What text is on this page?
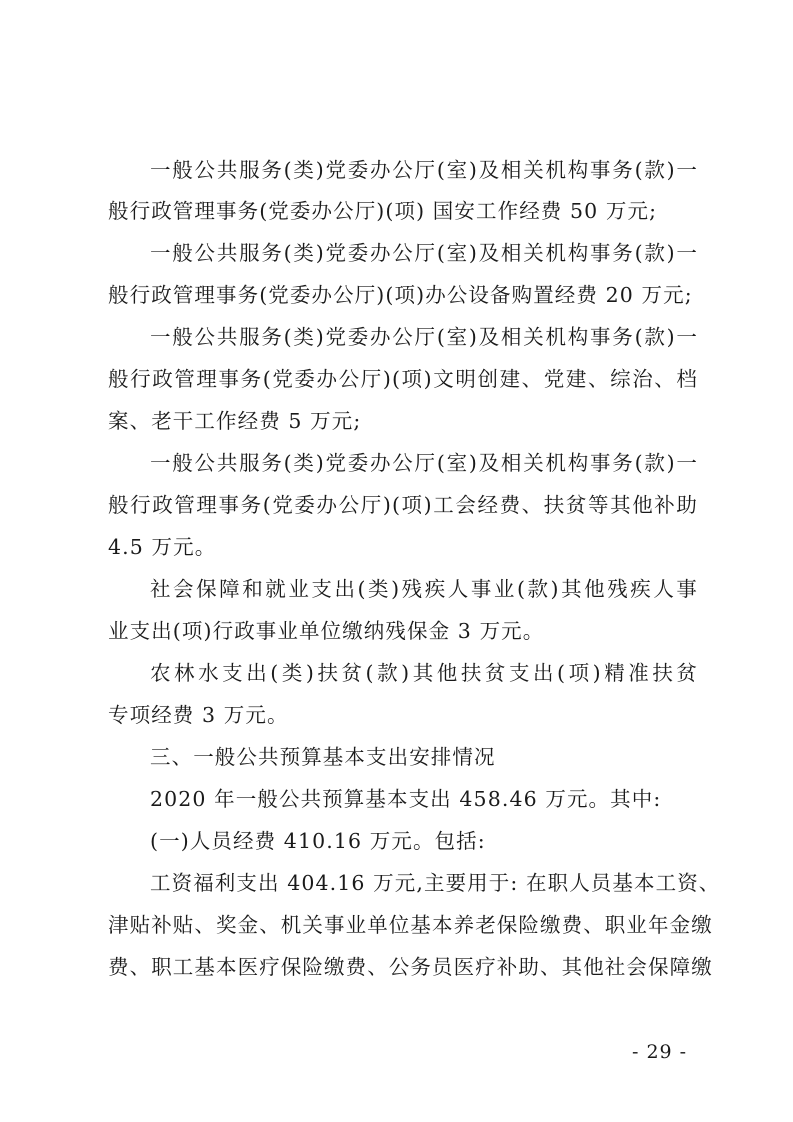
一般公共服务(类)党委办公厅(室)及相关机构事务(款)一
般行政管理事务(党委办公厅)(项) 国安工作经费 50 万元;
一般公共服务(类)党委办公厅(室)及相关机构事务(款)一
般行政管理事务(党委办公厅)(项)办公设备购置经费 20 万元;
一般公共服务(类)党委办公厅(室)及相关机构事务(款)一
般行政管理事务(党委办公厅)(项)文明创建、党建、综治、档
案、老干工作经费 5 万元;
一般公共服务(类)党委办公厅(室)及相关机构事务(款)一
般行政管理事务(党委办公厅)(项)工会经费、扶贫等其他补助
4.5 万元。
社会保障和就业支出(类)残疾人事业(款)其他残疾人事
业支出(项)行政事业单位缴纳残保金 3 万元。
农林水支出(类)扶贫(款)其他扶贫支出(项)精准扶贫
专项经费 3 万元。
三、一般公共预算基本支出安排情况
2020 年一般公共预算基本支出 458.46 万元。其中:
(一)人员经费 410.16 万元。包括:
工资福利支出 404.16 万元,主要用于: 在职人员基本工资、
津贴补贴、奖金、机关事业单位基本养老保险缴费、职业年金缴
费、职工基本医疗保险缴费、公务员医疗补助、其他社会保障缴
- 29 -
